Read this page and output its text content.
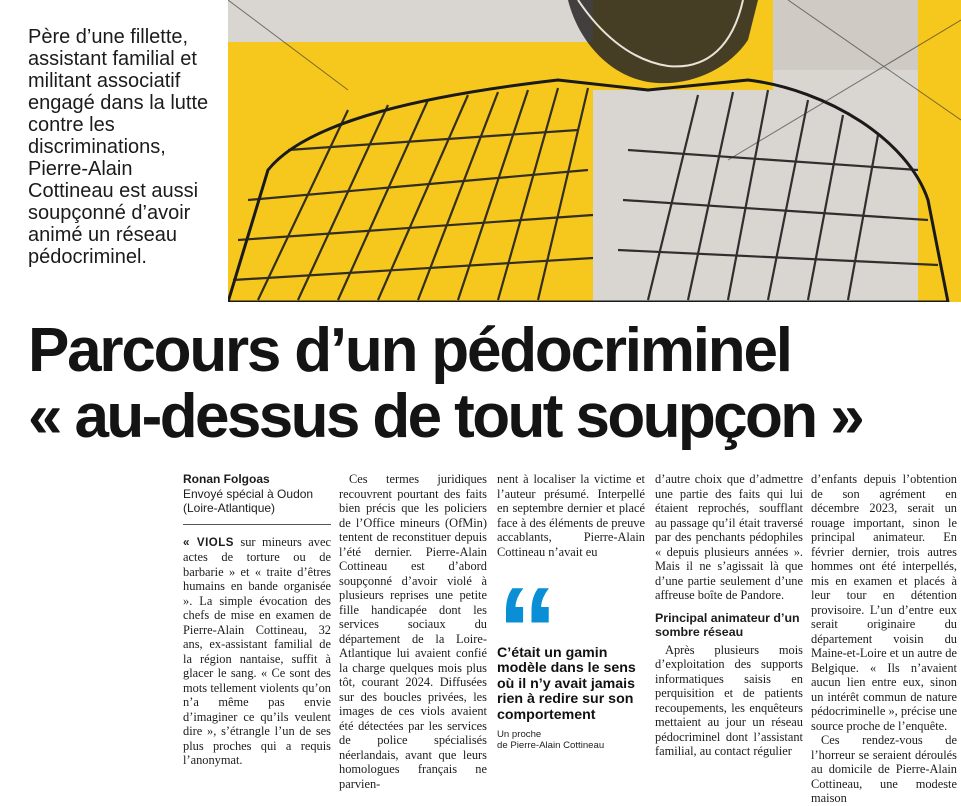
Père d’une fillette, assistant familial et militant associatif engagé dans la lutte contre les discriminations, Pierre-Alain Cottineau est aussi soupçonné d’avoir animé un réseau pédocriminel.

Parcours d’un pédocriminel
« au-dessus de tout soupçon »
Ronan Folgoas
Envoyé spécial à Oudon
(Loire-Atlantique)

« VIOLS sur mineurs avec actes de torture ou de barbarie » et « traite d’êtres humains en bande organisée ». La simple évocation des chefs de mise en examen de Pierre-Alain Cottineau, 32 ans, ex-assistant familial de la région nantaise, suffit à glacer le sang. « Ce sont des mots tellement violents qu’on n’a même pas envie d’imaginer ce qu’ils veulent dire », s’étrangle l’un de ses plus proches qui a requis l’anonymat.

Ces termes juridiques recouvrent pourtant des faits bien précis que les policiers de l’Office mineurs (OfMin) tentent de reconstituer depuis l’été dernier. Pierre-Alain Cottineau est d’abord soupçonné d’avoir violé à plusieurs reprises une petite fille handicapée dont les services sociaux du département de la Loire-Atlantique lui avaient confié la charge quelques mois plus tôt, courant 2024. Diffusées sur des boucles privées, les images de ces viols avaient été détectées par les services de police spécialisés néerlandais, avant que leurs homologues français ne parvien-

nent à localiser la victime et l’auteur présumé. Interpellé en septembre dernier et placé face à des éléments de preuve accablants, Pierre-Alain Cottineau n’avait eu

C’était un gamin modèle dans le sens où il n’y avait jamais rien à redire sur son comportement

Un proche
de Pierre-Alain Cottineau

d’autre choix que d’admettre une partie des faits qui lui étaient reprochés, soufflant au passage qu’il était traversé par des penchants pédophiles « depuis plusieurs années ». Mais il ne s’agissait là que d’une partie seulement d’une affreuse boîte de Pandore.

Principal animateur d’un sombre réseau

Après plusieurs mois d’exploitation des supports informatiques saisis en perquisition et de patients recoupements, les enquêteurs mettaient au jour un réseau pédocriminel dont l’assistant familial, au contact régulier

d’enfants depuis l’obtention de son agrément en décembre 2023, serait un rouage important, sinon le principal animateur. En février dernier, trois autres hommes ont été interpellés, mis en examen et placés à leur tour en détention provisoire. L’un d’entre eux serait originaire du département voisin du Maine-et-Loire et un autre de Belgique. « Ils n’avaient aucun lien entre eux, sinon un intérêt commun de nature pédocriminelle », précise une source proche de l’enquête.

Ces rendez-vous de l’horreur se seraient déroulés au domicile de Pierre-Alain Cottineau, une modeste maison
